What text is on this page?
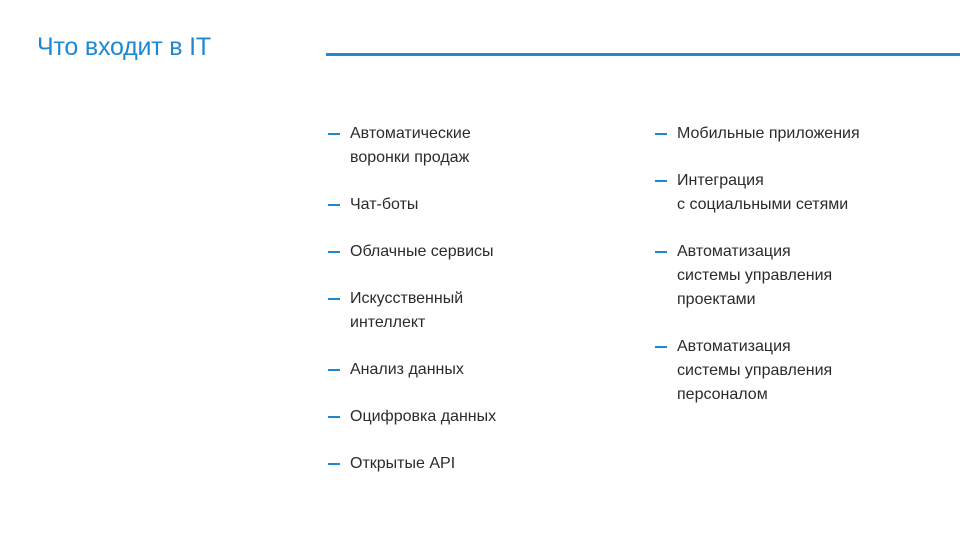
Что входит в IT
Автоматические
воронки продаж
Чат-боты
Облачные сервисы
Искусственный
интеллект
Анализ данных
Оцифровка данных
Открытые API
Мобильные приложения
Интеграция
с социальными сетями
Автоматизация
системы управления
проектами
Автоматизация
системы управления
персоналом
